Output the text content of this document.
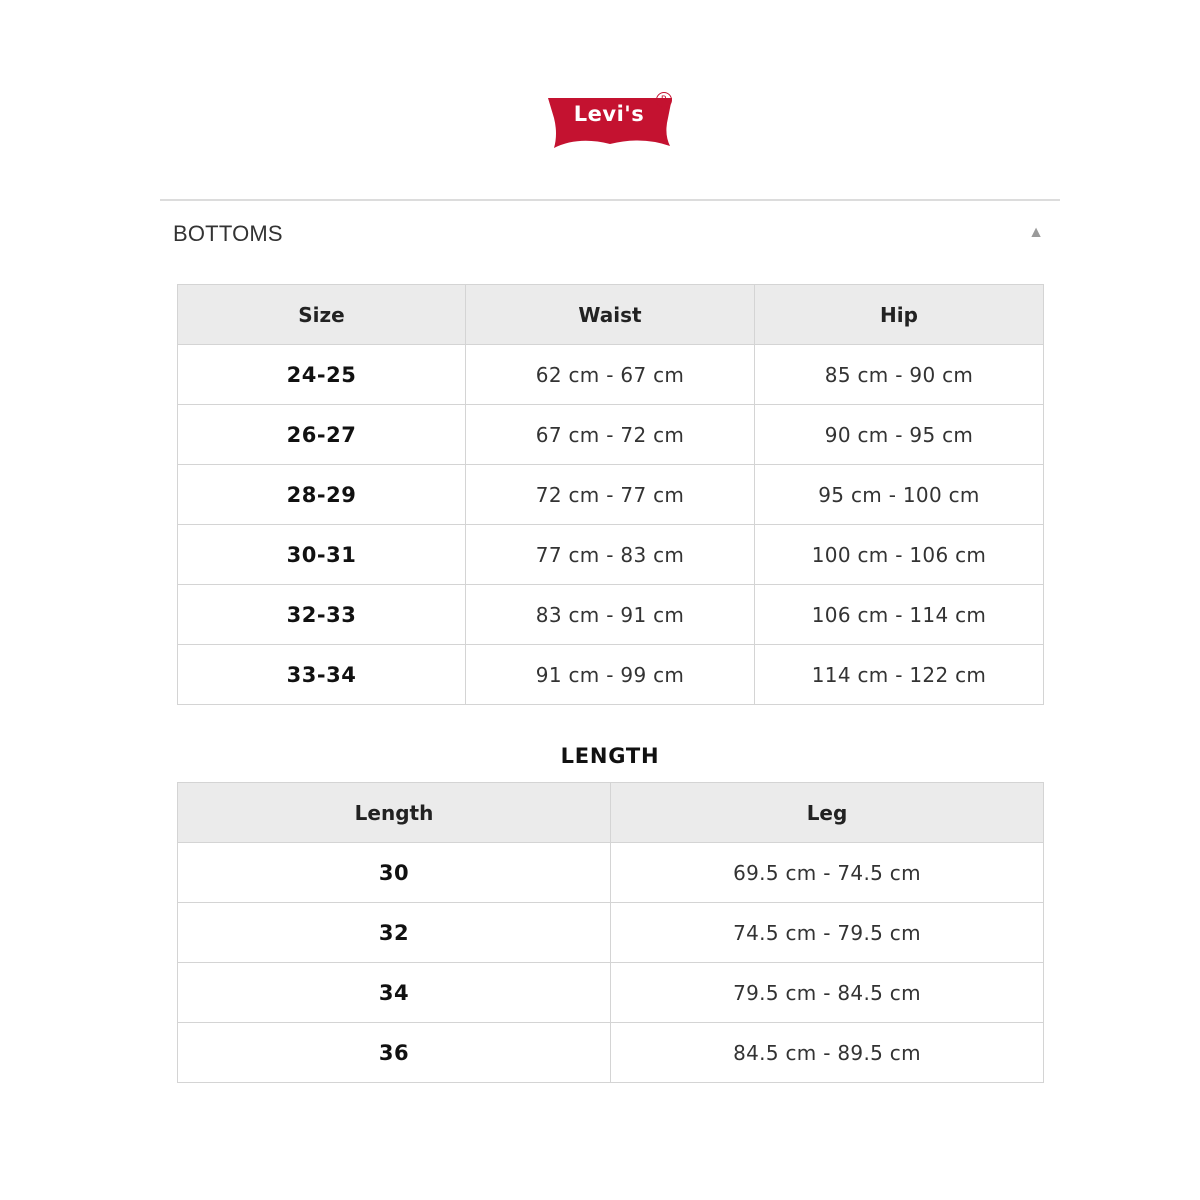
Levi's
R
BOTTOMS	▲
Size	Waist	Hip
24-25	62 cm - 67 cm	85 cm - 90 cm
26-27	67 cm - 72 cm	90 cm - 95 cm
28-29	72 cm - 77 cm	95 cm - 100 cm
30-31	77 cm - 83 cm	100 cm - 106 cm
32-33	83 cm - 91 cm	106 cm - 114 cm
33-34	91 cm - 99 cm	114 cm - 122 cm
LENGTH
Length	Leg
30	69.5 cm - 74.5 cm
32	74.5 cm - 79.5 cm
34	79.5 cm - 84.5 cm
36	84.5 cm - 89.5 cm
